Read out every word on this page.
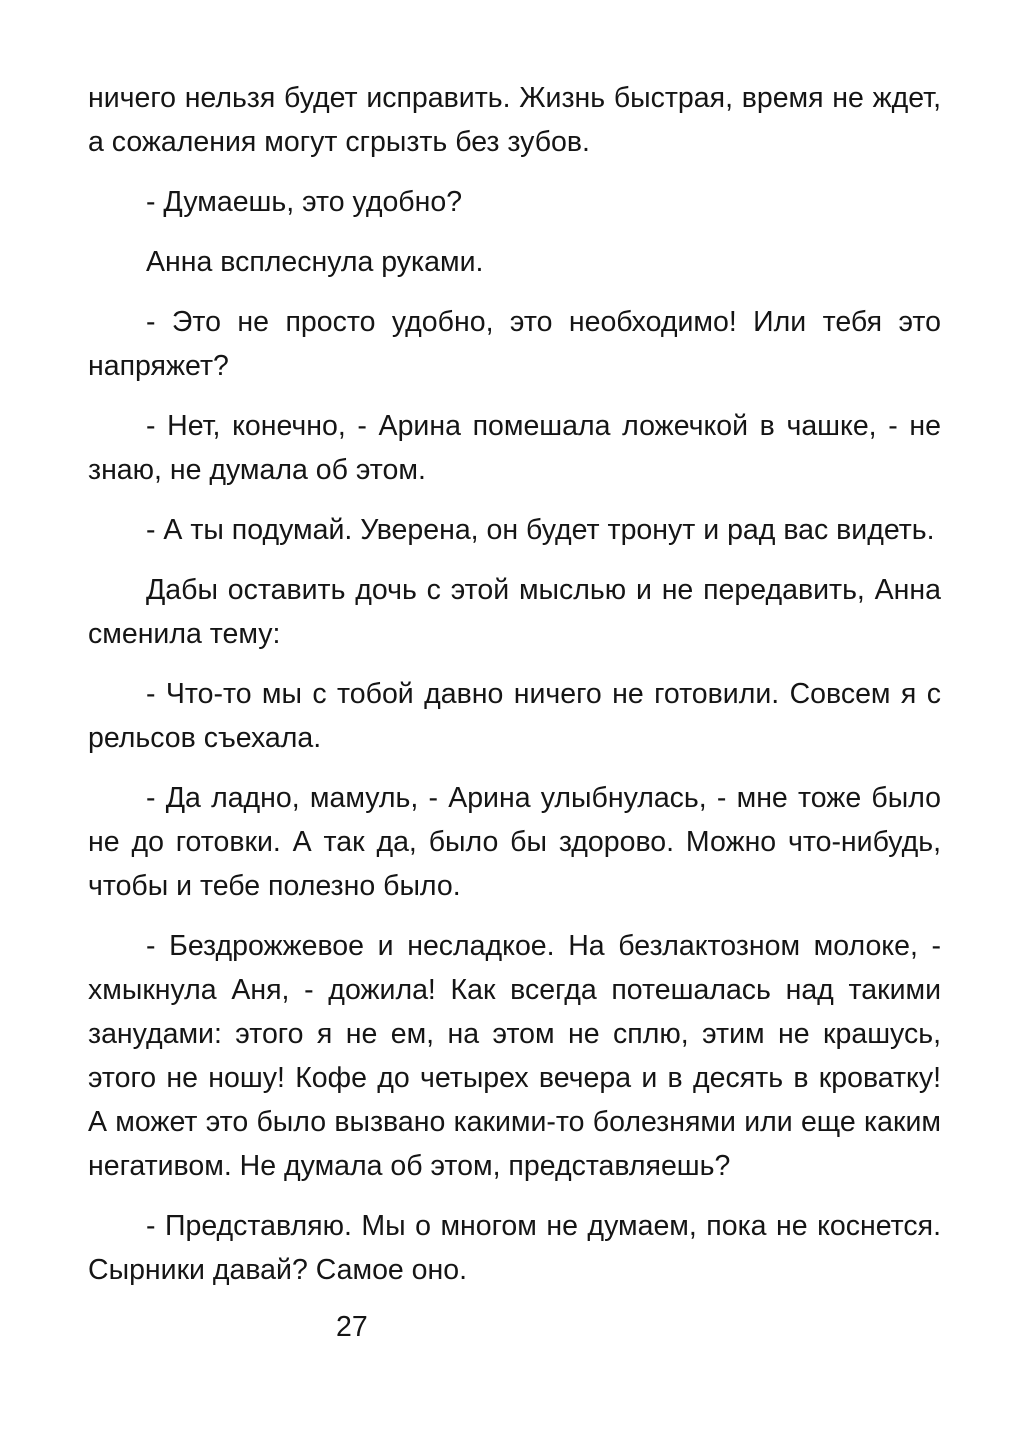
ничего нельзя будет исправить. Жизнь быстрая, время не ждет, а сожаления могут сгрызть без зубов.

- Думаешь, это удобно?

Анна всплеснула руками.

- Это не просто удобно, это необходимо! Или тебя это напряжет?

- Нет, конечно, - Арина помешала ложечкой в чашке, - не знаю, не думала об этом.

- А ты подумай. Уверена, он будет тронут и рад вас видеть.

Дабы оставить дочь с этой мыслью и не передавить, Анна сменила тему:

- Что-то мы с тобой давно ничего не готовили. Совсем я с рельсов съехала.

- Да ладно, мамуль, - Арина улыбнулась, - мне тоже было не до готовки. А так да, было бы здорово. Можно что-нибудь, чтобы и тебе полезно было.

- Бездрожжевое и несладкое. На безлактозном молоке, - хмыкнула Аня, - дожила! Как всегда потешалась над такими занудами: этого я не ем, на этом не сплю, этим не крашусь, этого не ношу! Кофе до четырех вечера и в десять в кроватку! А может это было вызвано какими-то болезнями или еще каким негативом. Не думала об этом, представляешь?

- Представляю. Мы о многом не думаем, пока не коснется. Сырники давай? Самое оно.

27
